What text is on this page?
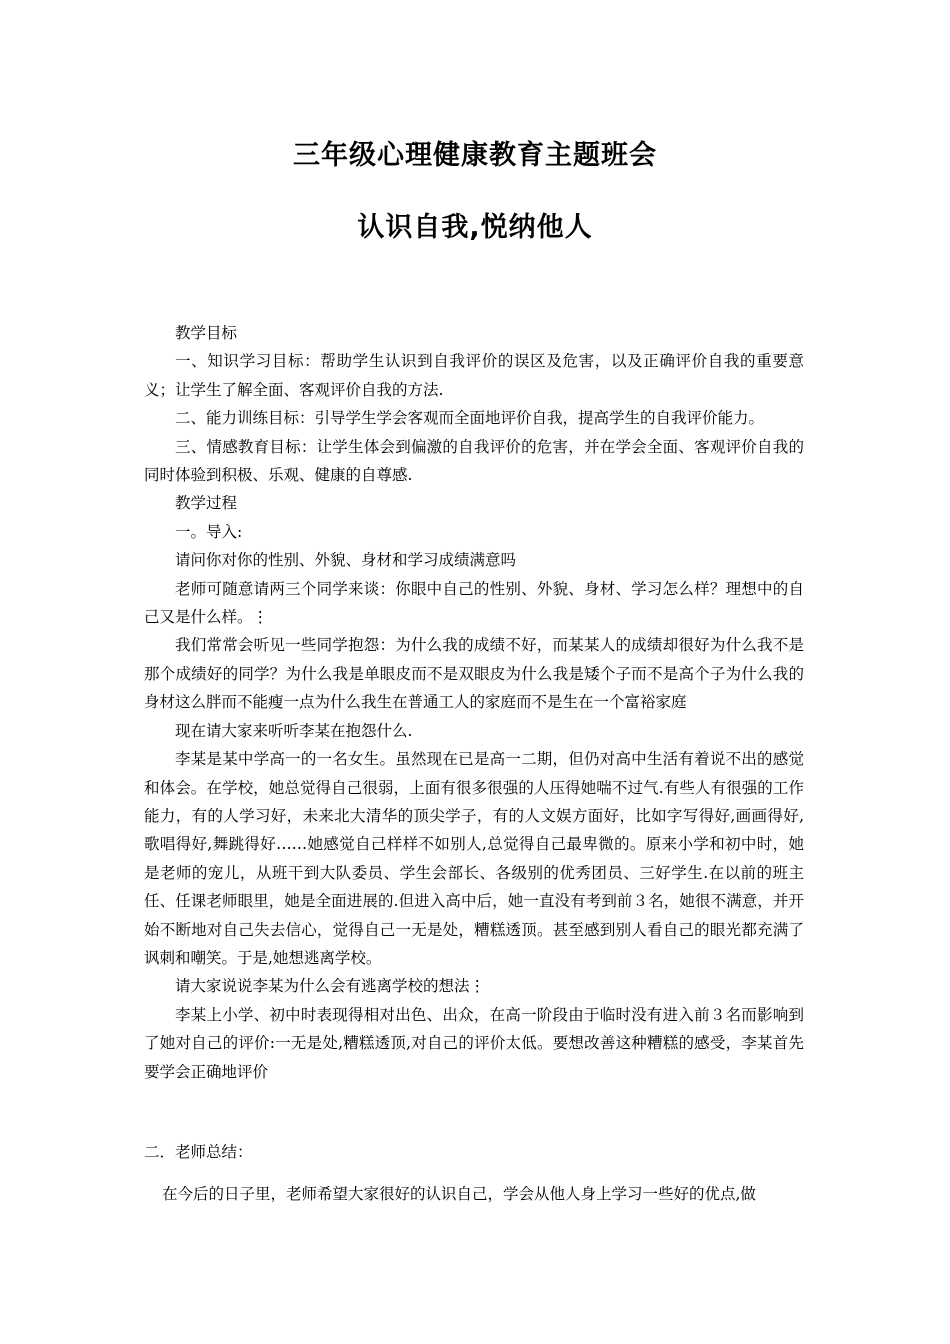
三年级心理健康教育主题班会
认识自我,悦纳他人

教学目标

一、知识学习目标：帮助学生认识到自我评价的误区及危害，以及正确评价自我的重要意义；让学生了解全面、客观评价自我的方法.

二、能力训练目标：引导学生学会客观而全面地评价自我，提高学生的自我评价能力。

三、情感教育目标：让学生体会到偏激的自我评价的危害，并在学会全面、客观评价自我的同时体验到积极、乐观、健康的自尊感.

教学过程

一。导入:

请问你对你的性别、外貌、身材和学习成绩满意吗

老师可随意请两三个同学来谈：你眼中自己的性别、外貌、身材、学习怎么样？理想中的自己又是什么样。⋮

我们常常会听见一些同学抱怨：为什么我的成绩不好，而某某人的成绩却很好为什么我不是那个成绩好的同学？为什么我是单眼皮而不是双眼皮为什么我是矮个子而不是高个子为什么我的身材这么胖而不能瘦一点为什么我生在普通工人的家庭而不是生在一个富裕家庭

现在请大家来听听李某在抱怨什么.

李某是某中学高一的一名女生。虽然现在已是高一二期，但仍对高中生活有着说不出的感觉和体会。在学校，她总觉得自己很弱，上面有很多很强的人压得她喘不过气.有些人有很强的工作能力，有的人学习好，未来北大清华的顶尖学子，有的人文娱方面好，比如字写得好,画画得好,歌唱得好,舞跳得好……她感觉自己样样不如别人,总觉得自己最卑微的。原来小学和初中时，她是老师的宠儿，从班干到大队委员、学生会部长、各级别的优秀团员、三好学生.在以前的班主任、任课老师眼里，她是全面进展的.但进入高中后，她一直没有考到前３名，她很不满意，并开始不断地对自己失去信心，觉得自己一无是处，糟糕透顶。甚至感到别人看自己的眼光都充满了讽刺和嘲笑。于是,她想逃离学校。

请大家说说李某为什么会有逃离学校的想法⋮

李某上小学、初中时表现得相对出色、出众，在高一阶段由于临时没有进入前３名而影响到了她对自己的评价:一无是处,糟糕透顶,对自己的评价太低。要想改善这种糟糕的感受，李某首先要学会正确地评价

二．老师总结：
在今后的日子里，老师希望大家很好的认识自己，学会从他人身上学习一些好的优点,做
